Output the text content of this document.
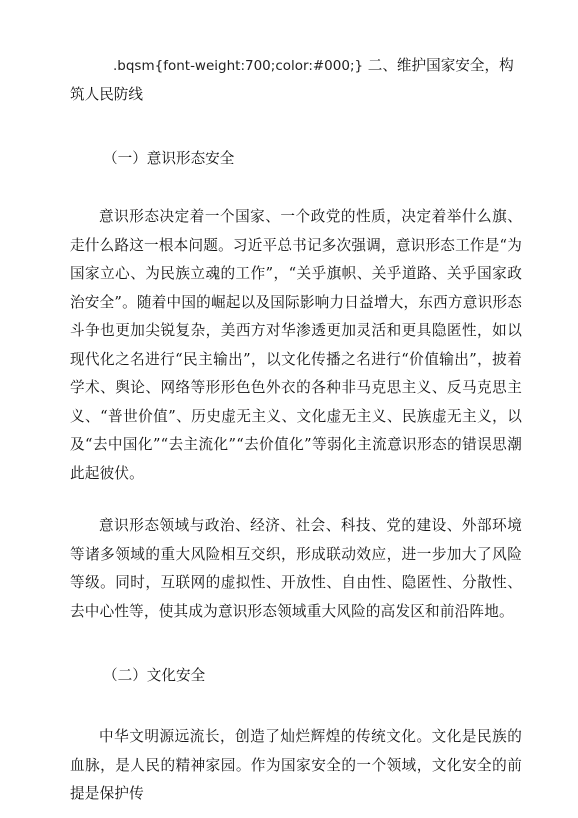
.bqsm{font-weight:700;color:#000;} 二、维护国家安全，构筑人民防线
（一）意识形态安全
意识形态决定着一个国家、一个政党的性质，决定着举什么旗、走什么路这一根本问题。习近平总书记多次强调，意识形态工作是“为国家立心、为民族立魂的工作”，“关乎旗帜、关乎道路、关乎国家政治安全”。随着中国的崛起以及国际影响力日益增大，东西方意识形态斗争也更加尖锐复杂，美西方对华渗透更加灵活和更具隐匿性，如以现代化之名进行“民主输出”，以文化传播之名进行“价值输出”，披着学术、舆论、网络等形形色色外衣的各种非马克思主义、反马克思主义、“普世价值”、历史虚无主义、文化虚无主义、民族虚无主义，以及“去中国化”“去主流化”“去价值化”等弱化主流意识形态的错误思潮此起彼伏。
意识形态领域与政治、经济、社会、科技、党的建设、外部环境等诸多领域的重大风险相互交织，形成联动效应，进一步加大了风险等级。同时，互联网的虚拟性、开放性、自由性、隐匿性、分散性、去中心性等，使其成为意识形态领域重大风险的高发区和前沿阵地。
（二）文化安全
中华文明源远流长，创造了灿烂辉煌的传统文化。文化是民族的血脉，是人民的精神家园。作为国家安全的一个领域，文化安全的前提是保护传
